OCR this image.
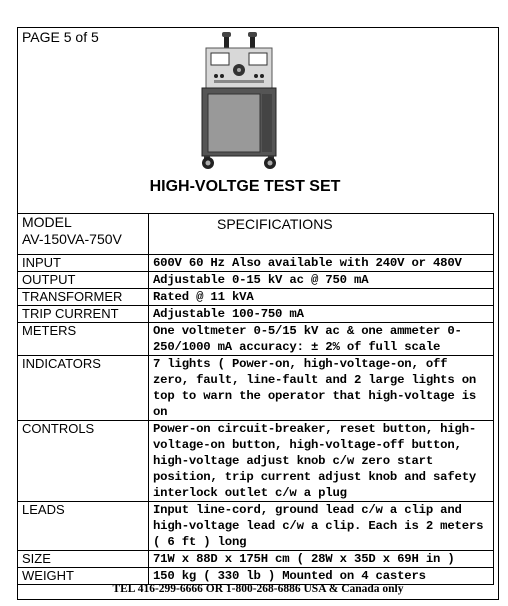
PAGE 5 of 5
HIGH-VOLTGE TEST SET
MODEL
AV-150VA-750V	SPECIFICATIONS
INPUT	600V 60 Hz Also available with 240V or 480V
OUTPUT	Adjustable 0-15 kV ac @ 750 mA
TRANSFORMER	Rated @ 11 kVA
TRIP CURRENT	Adjustable 100-750 mA
METERS	One voltmeter 0-5/15 kV ac & one ammeter 0-250/1000 mA accuracy: ± 2% of full scale
INDICATORS	7 lights ( Power-on, high-voltage-on, off zero, fault, line-fault and 2 large lights on top to warn the operator that high-voltage is on
CONTROLS	Power-on circuit-breaker, reset button, high-voltage-on button, high-voltage-off button, high-voltage adjust knob c/w zero start position, trip current adjust knob and safety interlock outlet c/w a plug
LEADS	Input line-cord, ground lead c/w a clip and high-voltage lead c/w a clip. Each is 2 meters ( 6 ft ) long
SIZE	71W x 88D x 175H cm ( 28W x 35D x 69H in )
WEIGHT	150 kg ( 330 lb ) Mounted on 4 casters
TEL 416-299-6666 OR 1-800-268-6886 USA & Canada only
